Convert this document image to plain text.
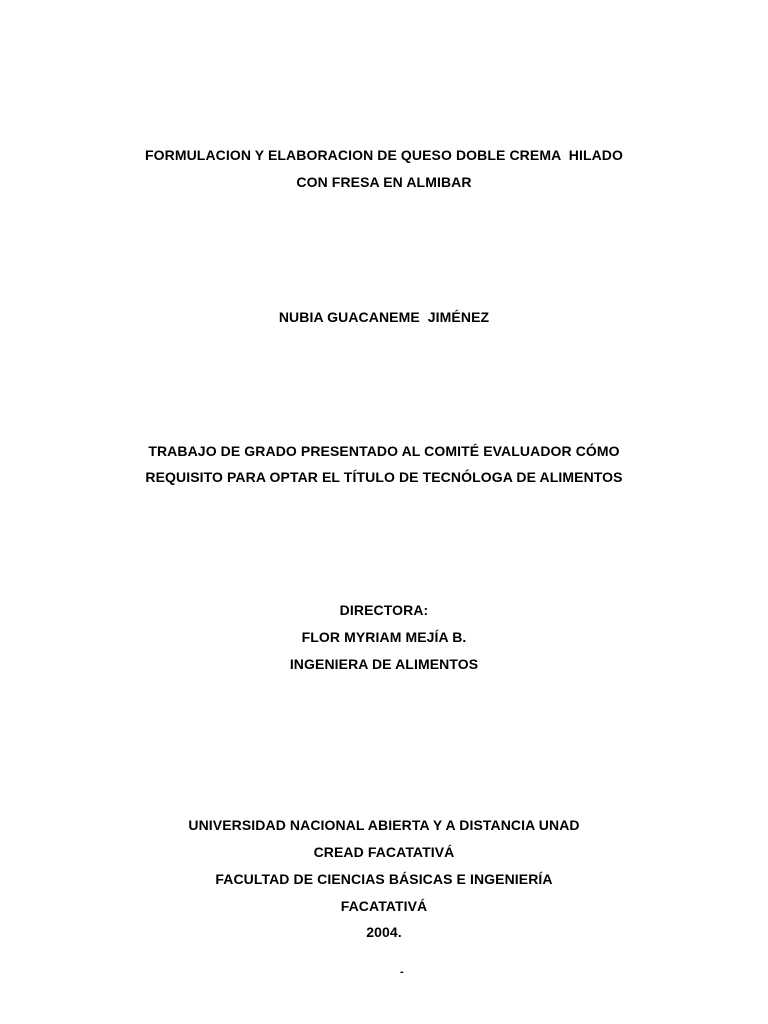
FORMULACION Y ELABORACION DE QUESO DOBLE CREMA  HILADO
CON FRESA EN ALMIBAR
NUBIA GUACANEME  JIMÉNEZ
TRABAJO DE GRADO PRESENTADO AL COMITÉ EVALUADOR CÓMO
REQUISITO PARA OPTAR EL TÍTULO DE TECNÓLOGA DE ALIMENTOS
DIRECTORA:
FLOR MYRIAM MEJÍA B.
INGENIERA DE ALIMENTOS
UNIVERSIDAD NACIONAL ABIERTA Y A DISTANCIA UNAD
CREAD FACATATIVÁ
FACULTAD DE CIENCIAS BÁSICAS E INGENIERÍA
FACATATIVÁ
2004.
-
